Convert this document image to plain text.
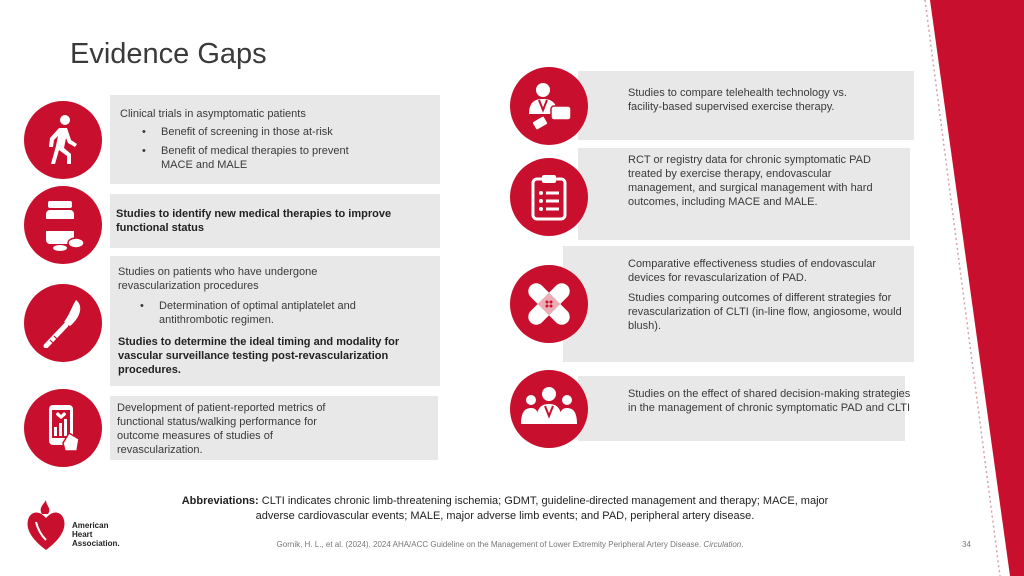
Evidence Gaps
Clinical trials in asymptomatic patients
• Benefit of screening in those at-risk
• Benefit of medical therapies to prevent MACE and MALE
Studies to identify new medical therapies to improve functional status
Studies on patients who have undergone revascularization procedures
• Determination of optimal antiplatelet and antithrombotic regimen.
Studies to determine the ideal timing and modality for vascular surveillance testing post-revascularization procedures.
Development of patient-reported metrics of functional status/walking performance for outcome measures of studies of revascularization.
Studies to compare telehealth technology vs. facility-based supervised exercise therapy.
RCT or registry data for chronic symptomatic PAD treated by exercise therapy, endovascular management, and surgical management with hard outcomes, including MACE and MALE.
Comparative effectiveness studies of endovascular devices for revascularization of PAD.
Studies comparing outcomes of different strategies for revascularization of CLTI (in-line flow, angiosome, would blush).
Studies on the effect of shared decision-making strategies in the management of chronic symptomatic PAD and CLTI
Abbreviations: CLTI indicates chronic limb-threatening ischemia; GDMT, guideline-directed management and therapy; MACE, major adverse cardiovascular events; MALE, major adverse limb events; and PAD, peripheral artery disease.
American
Heart
Association.	Gornik, H. L., et al. (2024). 2024 AHA/ACC Guideline on the Management of Lower Extremity Peripheral Artery Disease. Circulation.	34
